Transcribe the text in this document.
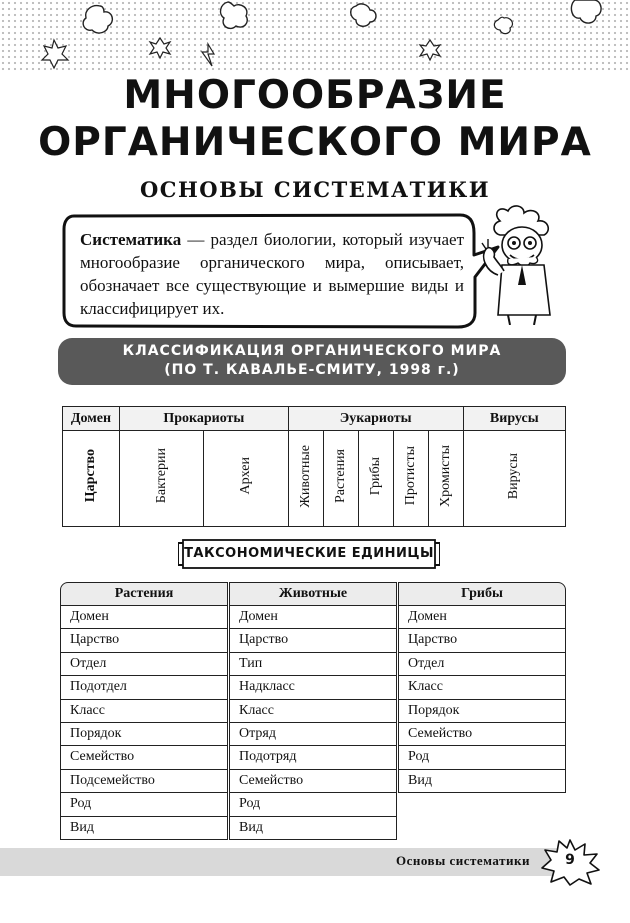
МНОГООБРАЗИЕ
ОРГАНИЧЕСКОГО МИРА
ОСНОВЫ СИСТЕМАТИКИ
Систематика — раздел биологии, который изучает многообразие органического мира, описывает, обозначает все существующие и вымершие виды и классифицирует их.
КЛАССИФИКАЦИЯ ОРГАНИЧЕСКОГО МИРА
(ПО Т. КАВАЛЬЕ-СМИТУ, 1998 г.)
Домен	Прокариоты		Эукариоты					Вирусы
Царство	Бактерии	Археи	Животные	Растения	Грибы	Протисты	Хромисты	Вирусы
ТАКСОНОМИЧЕСКИЕ ЕДИНИЦЫ
Растения
Домен
Царство
Отдел
Подотдел
Класс
Порядок
Семейство
Подсемейство
Род
Вид
Животные
Домен
Царство
Тип
Надкласс
Класс
Отряд
Подотряд
Семейство
Род
Вид
Грибы
Домен
Царство
Отдел
Класс
Порядок
Семейство
Род
Вид
Основы систематики	9
